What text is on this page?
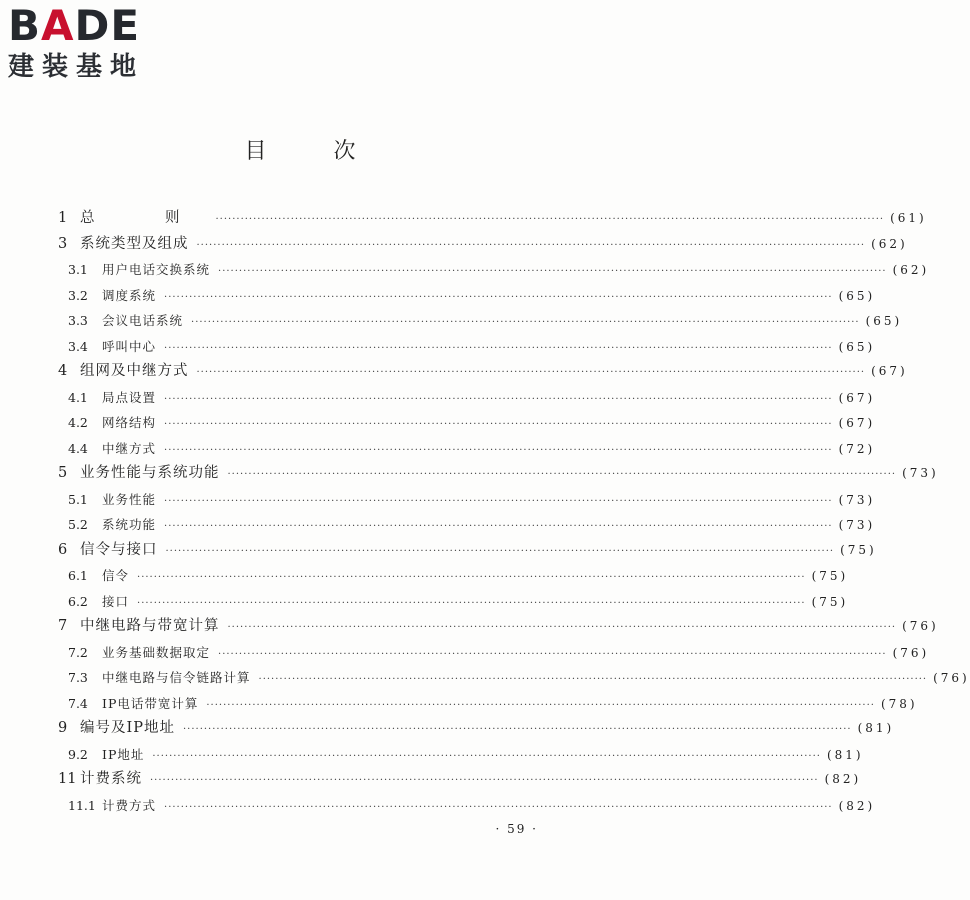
BADE
建装基地
目 次
1 总　则 ································································································································································ (61)
3 系统类型及组成 ································································································································································ (62)
3.1	用户电话交换系统 ································································································································································ (62)
3.2	调度系统 ································································································································································ (65)
3.3	会议电话系统 ································································································································································ (65)
3.4	呼叫中心 ································································································································································ (65)
4 组网及中继方式 ································································································································································ (67)
4.1	局点设置 ································································································································································ (67)
4.2	网络结构 ································································································································································ (67)
4.4	中继方式 ································································································································································ (72)
5 业务性能与系统功能 ································································································································································ (73)
5.1	业务性能 ································································································································································ (73)
5.2	系统功能 ································································································································································ (73)
6 信令与接口 ································································································································································ (75)
6.1	信令 ································································································································································ (75)
6.2	接口 ································································································································································ (75)
7 中继电路与带宽计算 ································································································································································ (76)
7.2	业务基础数据取定 ································································································································································ (76)
7.3	中继电路与信令链路计算 ································································································································································ (76)
7.4	IP电话带宽计算 ································································································································································ (78)
9 编号及IP地址 ································································································································································ (81)
9.2	IP地址 ································································································································································ (81)
11 计费系统 ································································································································································ (82)
11.1 计费方式 ································································································································································ (82)
· 59 ·
